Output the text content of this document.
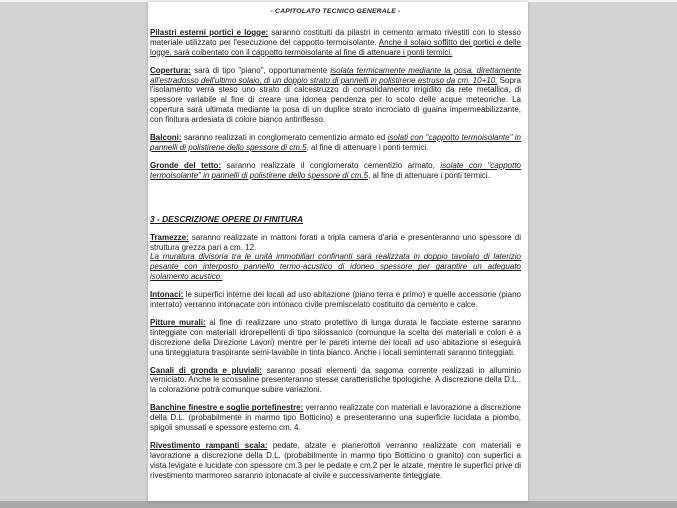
- CAPITOLATO TECNICO GENERALE -

Pilastri esterni portici e logge: saranno costituiti da pilastri in cemento armato rivestiti con lo stesso materiale utilizzato per l'esecuzione del cappotto termoisolante. Anche il solaio soffitto dei portici e delle logge, sarà coibentato con il cappotto termoisolante al fine di attenuare i ponti termici.

Copertura: sarà di tipo "piano", opportunamente isolata termicamente mediante la posa, direttamente all'estradosso dell'ultimo solaio, di un doppio strato di pannelli in polistirene estruso da cm. 10+10. Sopra l'isolamento verrà steso uno strato di calcestruzzo di consolidamento irrigidito da rete metallica, di spessore variabile al fine di creare una idonea pendenza per lo scolo delle acque meteoriche. La copertura sarà ultimata mediante la posa di un duplice strato incrociato di guaina impermeabilizzante, con finitura ardesiata di colore bianco antiriflesso.

Balconi: saranno realizzati in conglomerato cementizio armato ed isolati con "cappotto termoisolante" in pannelli di polistirene dello spessore di cm.5, al fine di attenuare i ponti termici.

Gronde del tetto: saranno realizzate il conglomerato cementizio armato, isolate con "cappotto termoisolante" in pannelli di polistirene dello spessore di cm.5, al fine di attenuare i ponti termici.

3 - DESCRIZIONE OPERE DI FINITURA

Tramezze: saranno realizzate in mattoni forati a tripla camera d'aria e presenteranno uno spessore di struttura grezza pari a cm. 12.
La muratura divisoria tra le unità immobiliari confinanti sarà realizzata in doppio tavolato di laterizio pesante con interposto pannello termo-acustico di idoneo spessore per garantire un adeguato isolamento acustico.

Intonaci: le superfici interne dei locali ad uso abitazione (piano terra e primo) e quelle accessorie (piano interrato) verranno intonacate con intonaco civile premiscelato costituito da cemento e calce.

Pitture murali: al fine di realizzare uno strato protettivo di lunga durata le facciate esterne saranno tinteggiate con materiali idrorepellenti di tipo silossanico (comunque la scelta dei materiali e colori è a discrezione della Direzione Lavori) mentre per le pareti interne dei locali ad uso abitazione si eseguirà una tinteggiatura traspirante semi-lavabile in tinta bianco. Anche i locali seminterrati saranno tinteggiati.

Canali di gronda e pluviali: saranno posati elementi da sagoma corrente realizzati in alluminio verniciato. Anche le scossaline presenteranno stesse caratteristiche tipologiche. A discrezione della D.L., la colorazione potrà comunque subire variazioni.

Banchine finestre e soglie portefinestre: verranno realizzate con materiali e lavorazione a discrezione della D.L. (probabilmente in marmo tipo Botticino) e presenteranno una superficie lucidata a piombo, spigoli smussati e spessore esterno cm. 4.

Rivestimento rampanti scala: pedate, alzate e pianerottoli verranno realizzate con materiali e lavorazione a discrezione della D.L. (probabilmente in marmo tipo Botticino o granito) con superfici a vista levigate e lucidate con spessore cm.3 per le pedate e cm.2 per le alzate, mentre le superfici prive di rivestimento marmoreo saranno intonacate al civile e successivamente tinteggiate.
